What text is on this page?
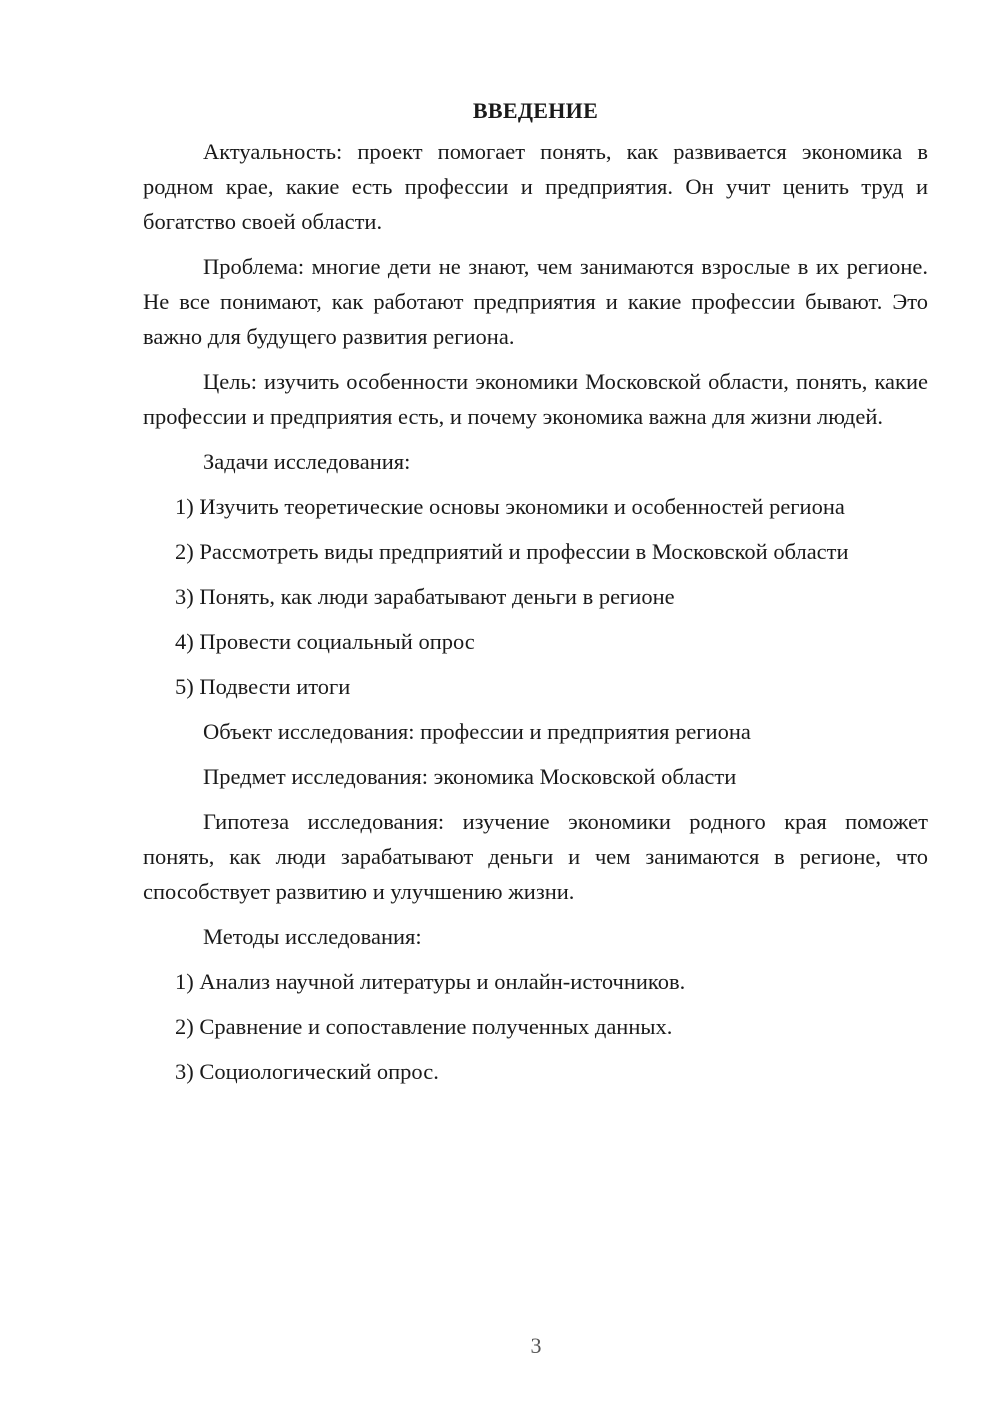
ВВЕДЕНИЕ

Актуальность: проект помогает понять, как развивается экономика в родном крае, какие есть профессии и предприятия. Он учит ценить труд и богатство своей области.

Проблема: многие дети не знают, чем занимаются взрослые в их регионе. Не все понимают, как работают предприятия и какие профессии бывают. Это важно для будущего развития региона.

Цель: изучить особенности экономики Московской области, понять, какие профессии и предприятия есть, и почему экономика важна для жизни людей.

Задачи исследования:
1) Изучить теоретические основы экономики и особенностей региона
2) Рассмотреть виды предприятий и профессии в Московской области
3) Понять, как люди зарабатывают деньги в регионе
4) Провести социальный опрос
5) Подвести итоги
Объект исследования: профессии и предприятия региона
Предмет исследования: экономика Московской области

Гипотеза исследования: изучение экономики родного края поможет понять, как люди зарабатывают деньги и чем занимаются в регионе, что способствует развитию и улучшению жизни.

Методы исследования:
1) Анализ научной литературы и онлайн-источников.
2) Сравнение и сопоставление полученных данных.
3) Социологический опрос.
3
